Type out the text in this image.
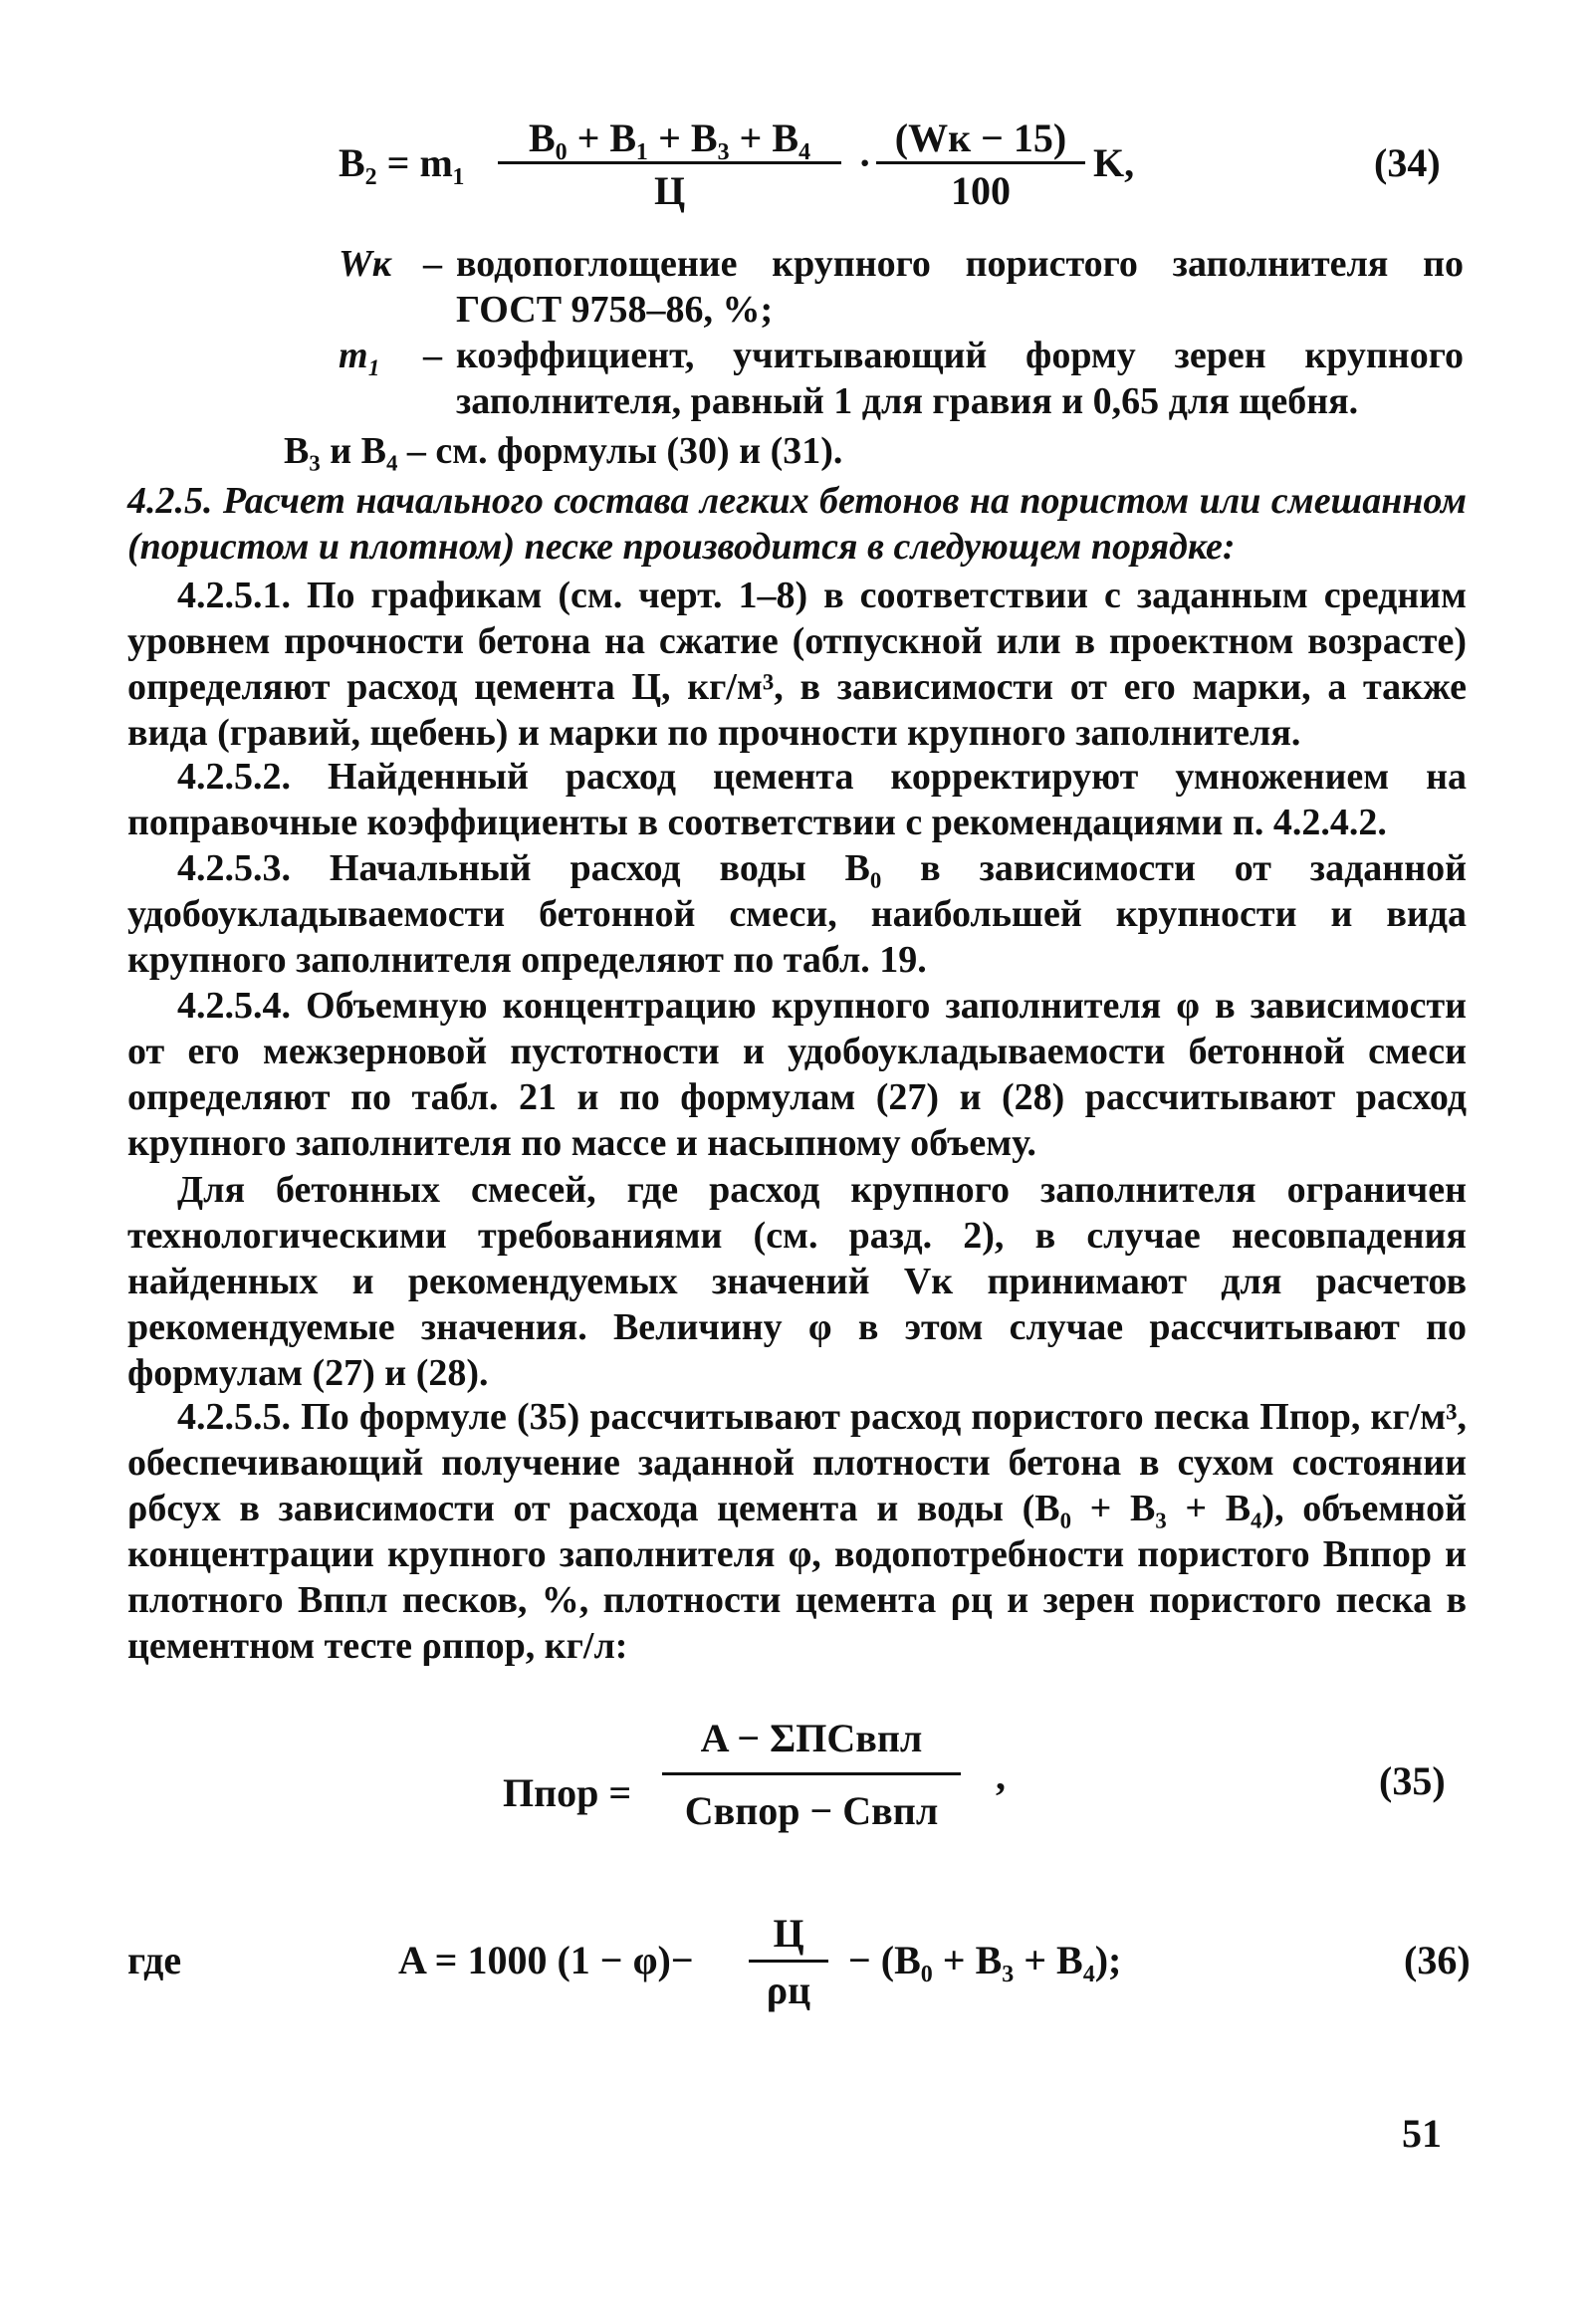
B₂ = m₁
B₀ + B₁ + B₃ + B₄
Ц
·
(Wк − 15)
100
K,	(34)
Wк – водопоглощение крупного пористого заполнителя по ГОСТ 9758–86, %;
m₁ – коэффициент, учитывающий форму зерен крупного заполнителя, равный 1 для гравия и 0,65 для щебня.
B₃ и B₄ – см. формулы (30) и (31).
4.2.5. Расчет начального состава легких бетонов на пористом или смешанном (пористом и плотном) песке производится в следующем порядке:
4.2.5.1. По графикам (см. черт. 1–8) в соответствии с заданным средним уровнем прочности бетона на сжатие (отпускной или в проектном возрасте) определяют расход цемента Ц, кг/м³, в зависимости от его марки, а также вида (гравий, щебень) и марки по прочности крупного заполнителя.
4.2.5.2. Найденный расход цемента корректируют умножением на поправочные коэффициенты в соответствии с рекомендациями п. 4.2.4.2.
4.2.5.3. Начальный расход воды B₀ в зависимости от заданной удобоукладываемости бетонной смеси, наибольшей крупности и вида крупного заполнителя определяют по табл. 19.
4.2.5.4. Объемную концентрацию крупного заполнителя φ в зависимости от его межзерновой пустотности и удобоукладываемости бетонной смеси определяют по табл. 21 и по формулам (27) и (28) рассчитывают расход крупного заполнителя по массе и насыпному объему.
Для бетонных смесей, где расход крупного заполнителя ограничен технологическими требованиями (см. разд. 2), в случае несовпадения найденных и рекомендуемых значений Vк принимают для расчетов рекомендуемые значения. Величину φ в этом случае рассчитывают по формулам (27) и (28).
4.2.5.5. По формуле (35) рассчитывают расход пористого песка Ппор, кг/м³, обеспечивающий получение заданной плотности бетона в сухом состоянии ρбсух в зависимости от расхода цемента и воды (B₀ + B₃ + B₄), объемной концентрации крупного заполнителя φ, водопотребности пористого Bппор и плотного Bппл песков, %, плотности цемента ρц и зерен пористого песка в цементном тесте ρппор, кг/л:
Ппор =
A − ΣПCвпл
Cвпор − Cвпл
,	(35)
где	A = 1000 (1 − φ)−
Ц
ρц
− (B₀ + B₃ + B₄);	(36)
51
